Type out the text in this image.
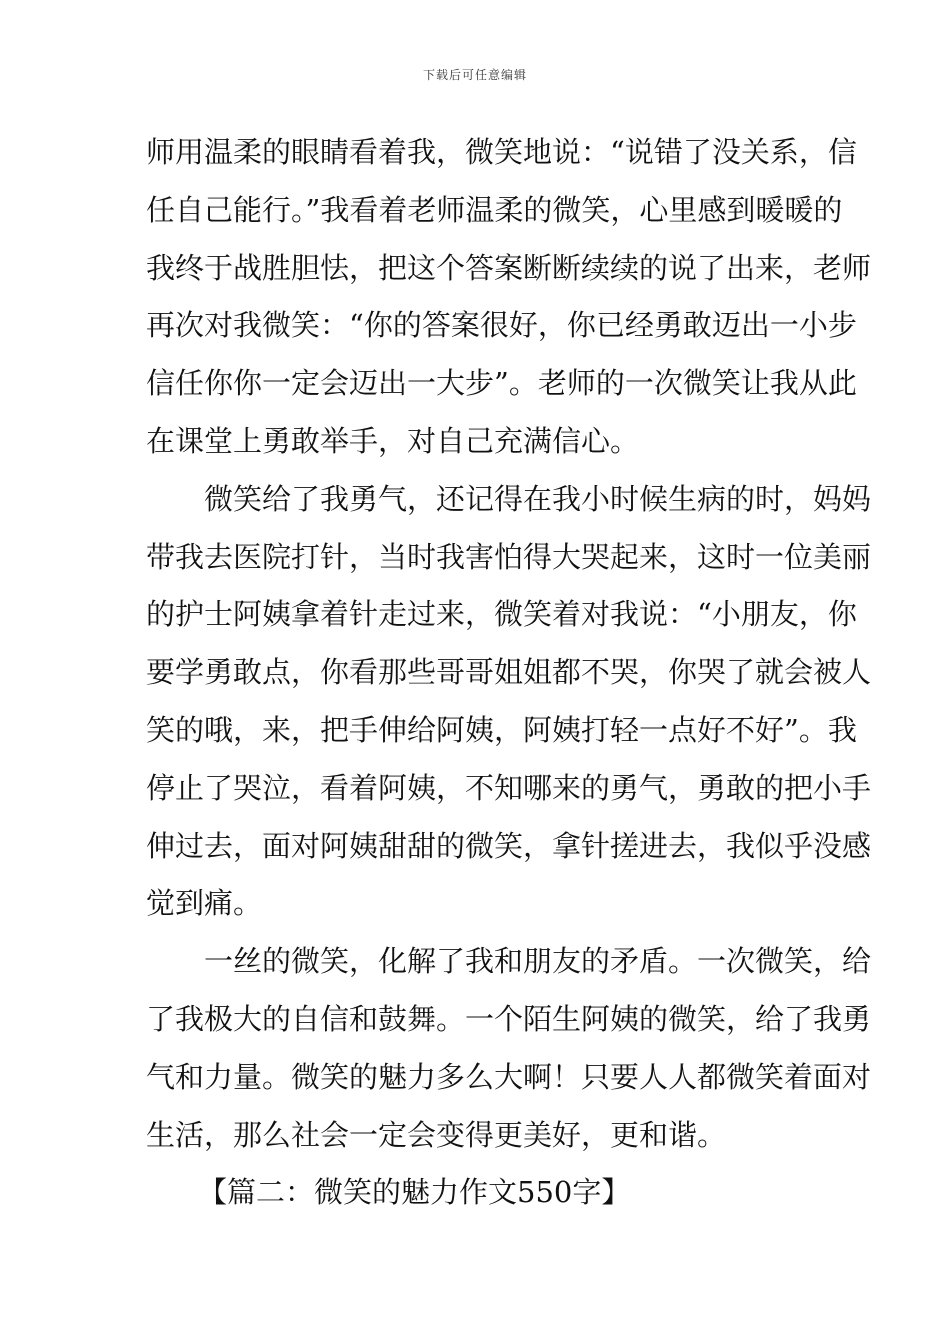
下载后可任意编辑
师用温柔的眼睛看着我，微笑地说：“说错了没关系，信
任自己能行。”我看着老师温柔的微笑，心里感到暖暖的
我终于战胜胆怯，把这个答案断断续续的说了出来，老师
再次对我微笑：“你的答案很好，你已经勇敢迈出一小步
信任你你一定会迈出一大步”。老师的一次微笑让我从此
在课堂上勇敢举手，对自己充满信心。
微笑给了我勇气，还记得在我小时候生病的时，妈妈
带我去医院打针，当时我害怕得大哭起来，这时一位美丽
的护士阿姨拿着针走过来，微笑着对我说：“小朋友，你
要学勇敢点，你看那些哥哥姐姐都不哭，你哭了就会被人
笑的哦，来，把手伸给阿姨，阿姨打轻一点好不好”。我
停止了哭泣，看着阿姨，不知哪来的勇气，勇敢的把小手
伸过去，面对阿姨甜甜的微笑，拿针搓进去，我似乎没感
觉到痛。
一丝的微笑，化解了我和朋友的矛盾。一次微笑，给
了我极大的自信和鼓舞。一个陌生阿姨的微笑，给了我勇
气和力量。微笑的魅力多么大啊！只要人人都微笑着面对
生活，那么社会一定会变得更美好，更和谐。
【篇二：微笑的魅力作文550字】
